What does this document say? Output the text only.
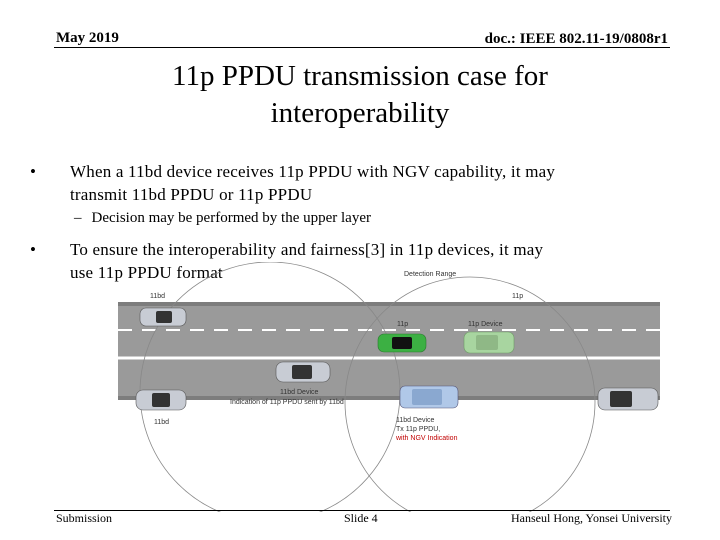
May 2019	doc.: IEEE 802.11-19/0808r1
11p PPDU transmission case for
interoperability
• When a 11bd device receives 11p PPDU with NGV capability, it may
transmit 11bd PPDU or 11p PPDU
– Decision may be performed by the upper layer
• To ensure the interoperability and fairness[3] in 11p devices, it may
use 11p PPDU format	Detection Range
11bd	11p
11p	11p Device
11bd Device
Indication of 11p PPDU sent by 11bd
11bd	11bd Device
Tx 11p PPDU,
with NGV Indication
Submission	Slide 4	Hanseul Hong, Yonsei University
